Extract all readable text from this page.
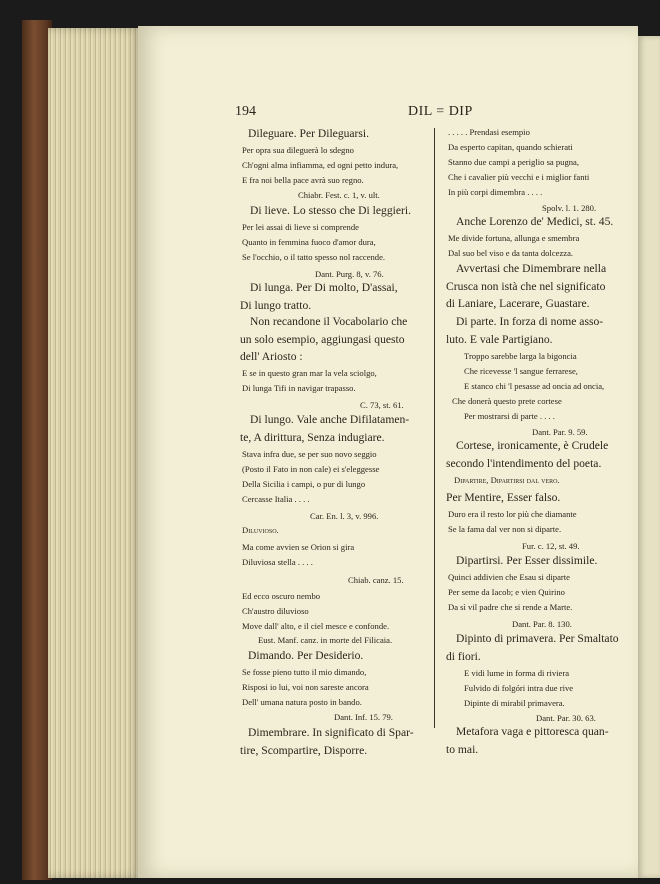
194	DIL = DIP
Dileguare. Per Dileguarsi.
Per opra sua dileguerà lo sdegno
Ch'ogni alma infiamma, ed ogni petto indura,
E fra noi bella pace avrà suo regno.
Chiabr. Fest. c. 1, v. ult.
Di lieve. Lo stesso che Di leggieri.
Per lei assai di lieve si comprende
Quanto in femmina fuoco d'amor dura,
Se l'occhio, o il tatto spesso nol raccende.
Dant. Purg. 8, v. 76.
Di lunga. Per Di molto, D'assai,
Di lungo tratto.
Non recandone il Vocabolario che
un solo esempio, aggiungasi questo
dell' Ariosto :
E se in questo gran mar la vela sciolgo,
Di lunga Tifi in navigar trapasso.
C. 73, st. 61.
Di lungo. Vale anche Difilatamen-
te, A dirittura, Senza indugiare.
Stava infra due, se per suo novo seggio
(Posto il Fato in non cale) ei s'eleggesse
Della Sicilia i campi, o pur di lungo
Cercasse Italia . . . .
Car. En. l. 3, v. 996.
Diluvioso.
Ma come avvien se Orion si gira
Diluviosa stella . . . .
Chiab. canz. 15.
Ed ecco oscuro nembo
Ch'austro diluvioso
Move dall' alto, e il ciel mesce e confonde.
Eust. Manf. canz. in morte del Filicaia.
Dimando. Per Desiderio.
Se fosse pieno tutto il mio dimando,
Risposi io lui, voi non sareste ancora
Dell' umana natura posto in bando.
Dant. Inf. 15. 79.
Dimembrare. In significato di Spar-
tire, Scompartire, Disporre.
. . . . . Prendasi esempio
Da esperto capitan, quando schierati
Stanno due campi a periglio sa pugna,
Che i cavalier più vecchi e i miglior fanti
In più corpi dimembra . . . .
Spolv. l. 1. 280.
Anche Lorenzo de' Medici, st. 45.
Me divide fortuna, allunga e smembra
Dal suo bel viso e da tanta dolcezza.
Avvertasi che Dimembrare nella
Crusca non istà che nel significato
di Laniare, Lacerare, Guastare.
Di parte. In forza di nome asso-
luto. E vale Partigiano.
Troppo sarebbe larga la bigoncia
Che ricevesse 'l sangue ferrarese,
E stanco chi 'l pesasse ad oncia ad oncia,
Che donerà questo prete cortese
Per mostrarsi di parte . . . .
Dant. Par. 9. 59.
Cortese, ironicamente, è Crudele
secondo l'intendimento del poeta.
Dipartire, Dipartirsi dal vero.
Per Mentire, Esser falso.
Duro era il resto lor più che diamante
Se la fama dal ver non si diparte.
Fur. c. 12, st. 49.
Dipartirsi. Per Esser dissimile.
Quinci addivien che Esau si diparte
Per seme da Iacob; e vien Quirino
Da sì vil padre che si rende a Marte.
Dant. Par. 8. 130.
Dipinto di primavera. Per Smaltato
di fiori.
E vidi lume in forma di riviera
Fulvido di folgóri intra due rive
Dipinte di mirabil primavera.
Dant. Par. 30. 63.
Metafora vaga e pittoresca quan-
to mai.
